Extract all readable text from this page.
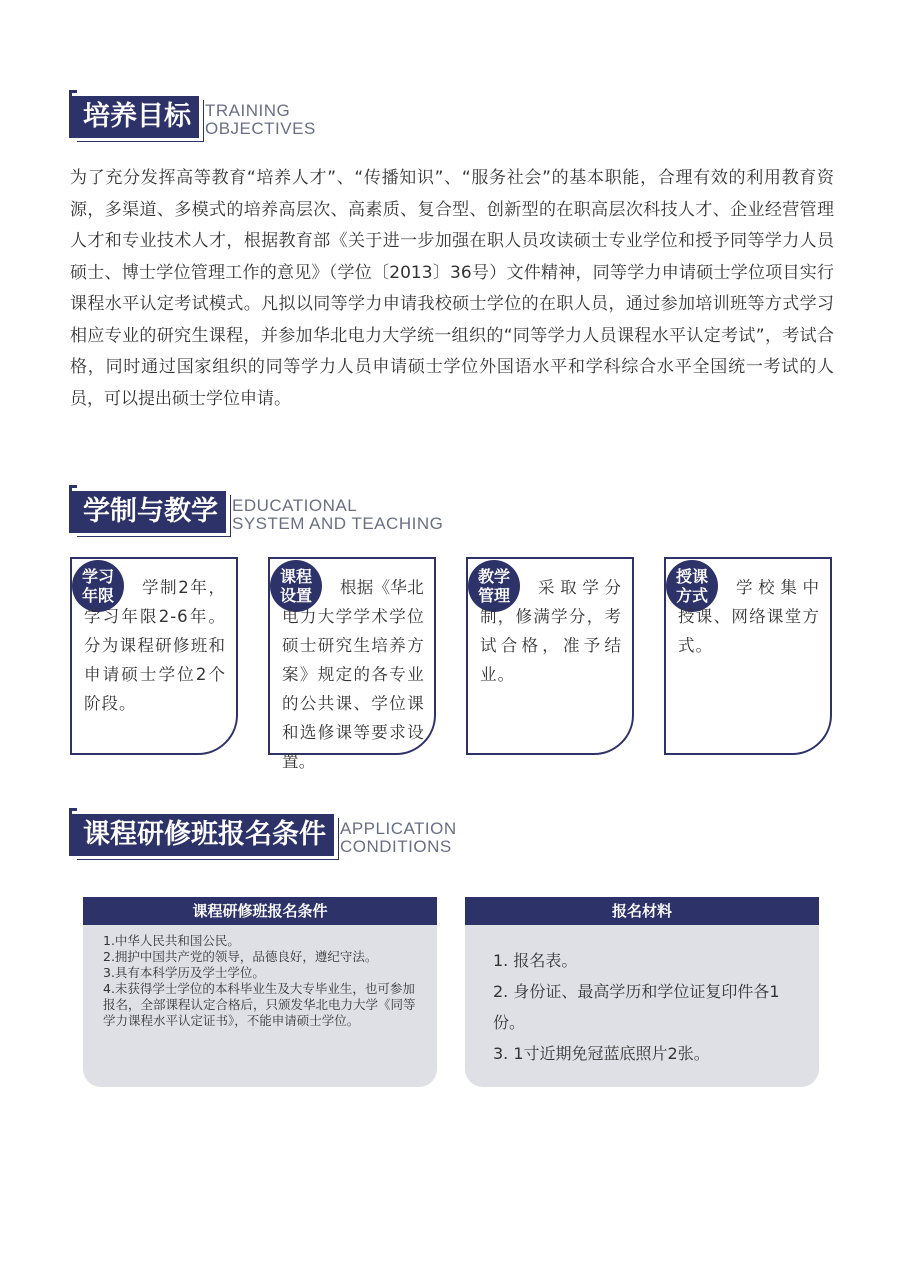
培养目标 TRAINING
OBJECTIVES

为了充分发挥高等教育“培养人才”、“传播知识”、“服务社会”的基本职能，合理有效的利用教育资源，多渠道、多模式的培养高层次、高素质、复合型、创新型的在职高层次科技人才、企业经营管理人才和专业技术人才，根据教育部《关于进一步加强在职人员攻读硕士专业学位和授予同等学力人员硕士、博士学位管理工作的意见》（学位〔2013〕36号）文件精神，同等学力申请硕士学位项目实行课程水平认定考试模式。凡拟以同等学力申请我校硕士学位的在职人员，通过参加培训班等方式学习相应专业的研究生课程，并参加华北电力大学统一组织的“同等学力人员课程水平认定考试”，考试合格，同时通过国家组织的同等学力人员申请硕士学位外国语水平和学科综合水平全国统一考试的人员，可以提出硕士学位申请。

学制与教学 EDUCATIONAL
SYSTEM AND TEACHING
学习
年限	学制2年，学习年限2-6年。分为课程研修班和申请硕士学位2个阶段。

课程
设置	根据《华北电力大学学术学位硕士研究生培养方案》规定的各专业的公共课、学位课和选修课等要求设置。

教学
管理	采取学分制，修满学分，考试合格，准予结业。

授课
方式	学校集中授课、网络课堂方式。

课程研修班报名条件 APPLICATION
CONDITIONS
课程研修班报名条件
1.中华人民共和国公民。
2.拥护中国共产党的领导，品德良好，遵纪守法。
3.具有本科学历及学士学位。
4.未获得学士学位的本科毕业生及大专毕业生，也可参加报名，全部课程认定合格后，只颁发华北电力大学《同等学力课程水平认定证书》，不能申请硕士学位。
报名材料
1. 报名表。
2. 身份证、最高学历和学位证复印件各1 份。
3. 1寸近期免冠蓝底照片2张。
